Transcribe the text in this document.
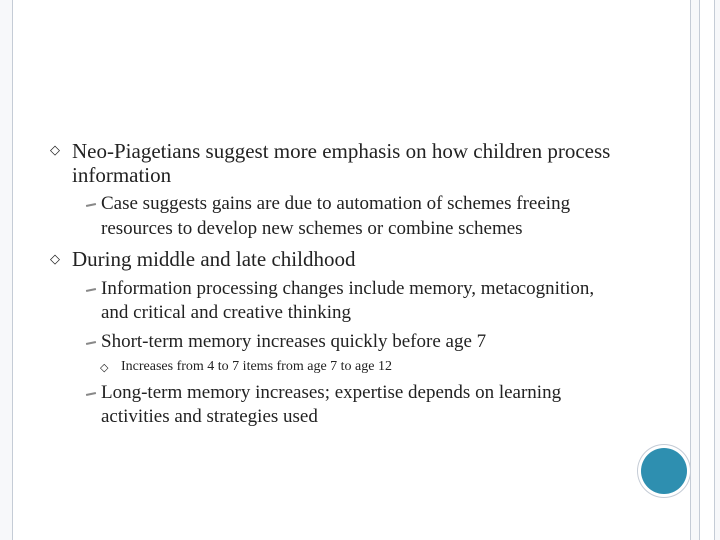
◇ Neo-Piagetians suggest more emphasis on how children process
information
Case suggests gains are due to automation of schemes freeing
resources to develop new schemes or combine schemes
◇ During middle and late childhood
Information processing changes include memory, metacognition,
and critical and creative thinking
Short-term memory increases quickly before age 7
◇ Increases from 4 to 7 items from age 7 to age 12
Long-term memory increases; expertise depends on learning
activities and strategies used
